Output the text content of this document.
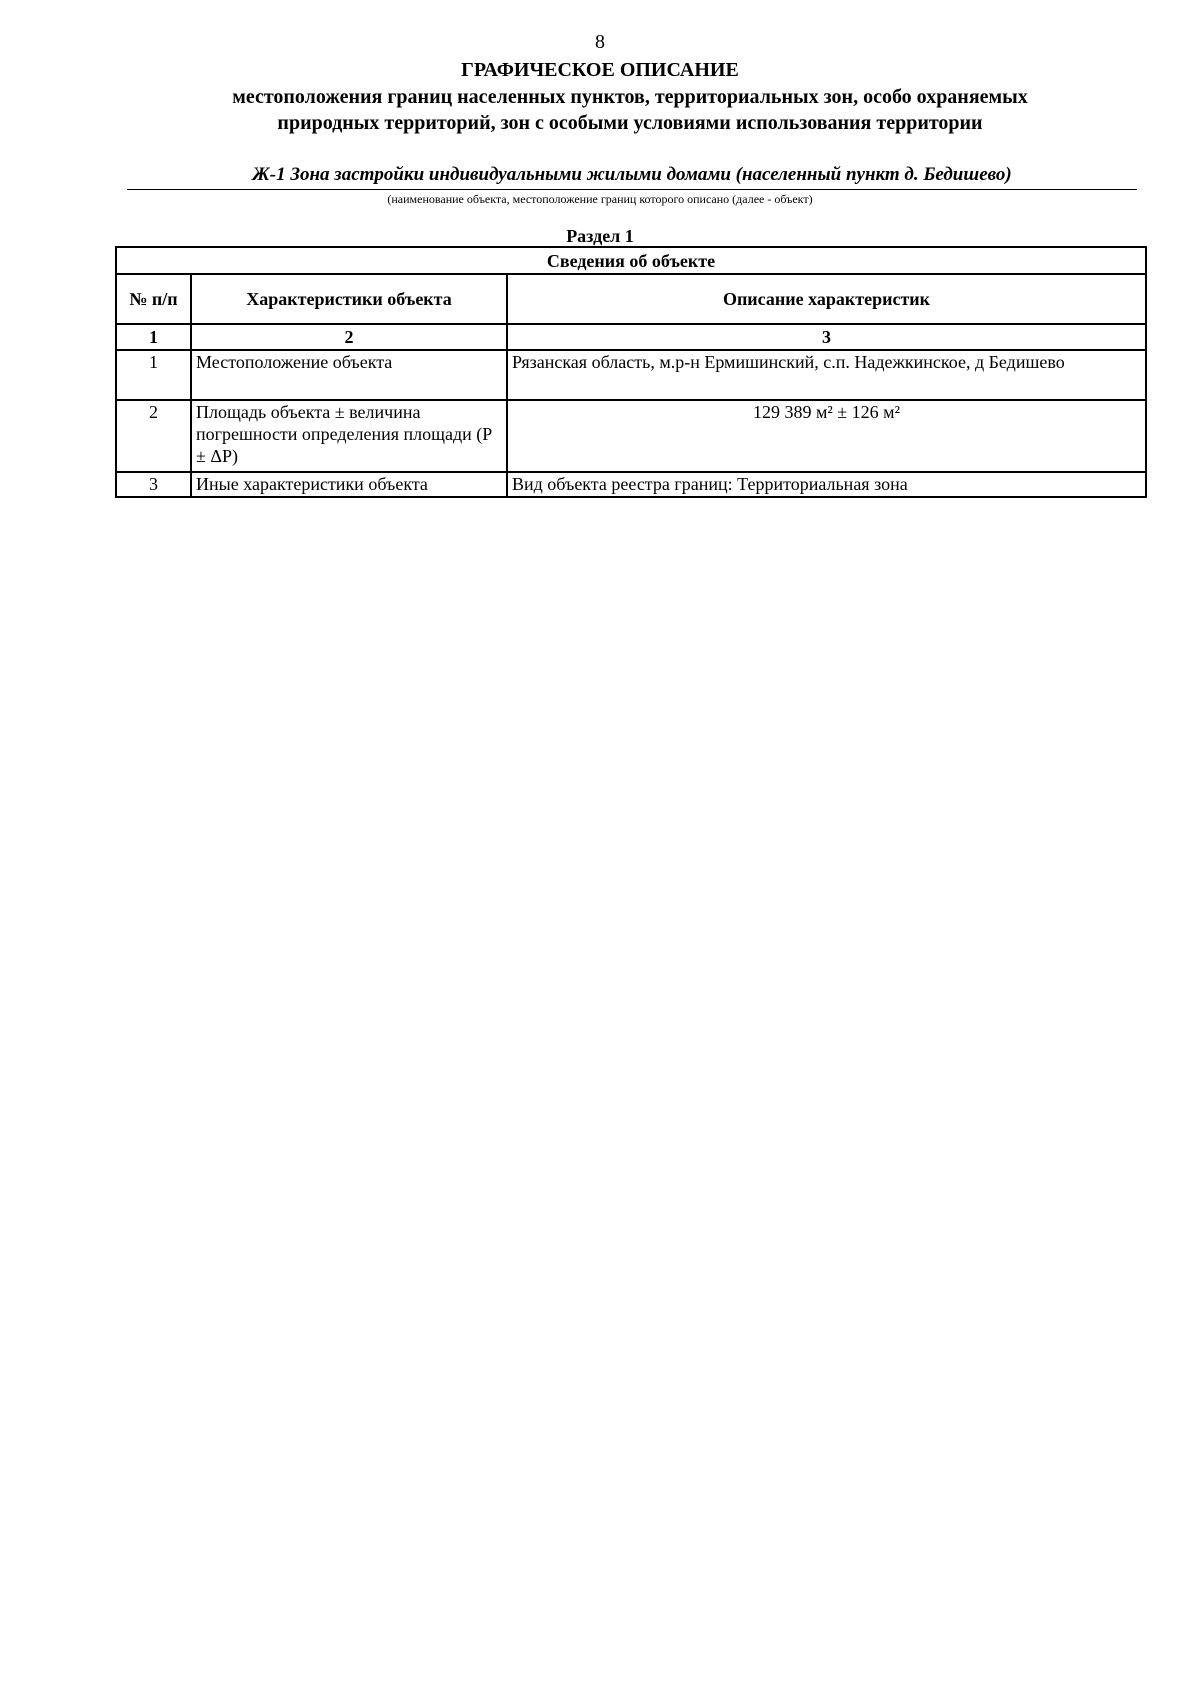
8
ГРАФИЧЕСКОЕ ОПИСАНИЕ
местоположения границ населенных пунктов, территориальных зон, особо охраняемых природных территорий, зон с особыми условиями использования территории
Ж-1 Зона застройки индивидуальными жилыми домами (населенный пункт д. Бедишево)
(наименование объекта, местоположение границ которого описано (далее - объект)
Раздел 1
Сведения об объекте		
№ п/п	Характеристики объекта	Описание характеристик
1	2	3
1	Местоположение объекта	Рязанская область, м.р-н Ермишинский, с.п. Надежкинское, д Бедишево
2	Площадь объекта ± величина погрешности определения площади (P ± ΔP)	129 389 м² ± 126 м²
3	Иные характеристики объекта	Вид объекта реестра границ: Территориальная зона
